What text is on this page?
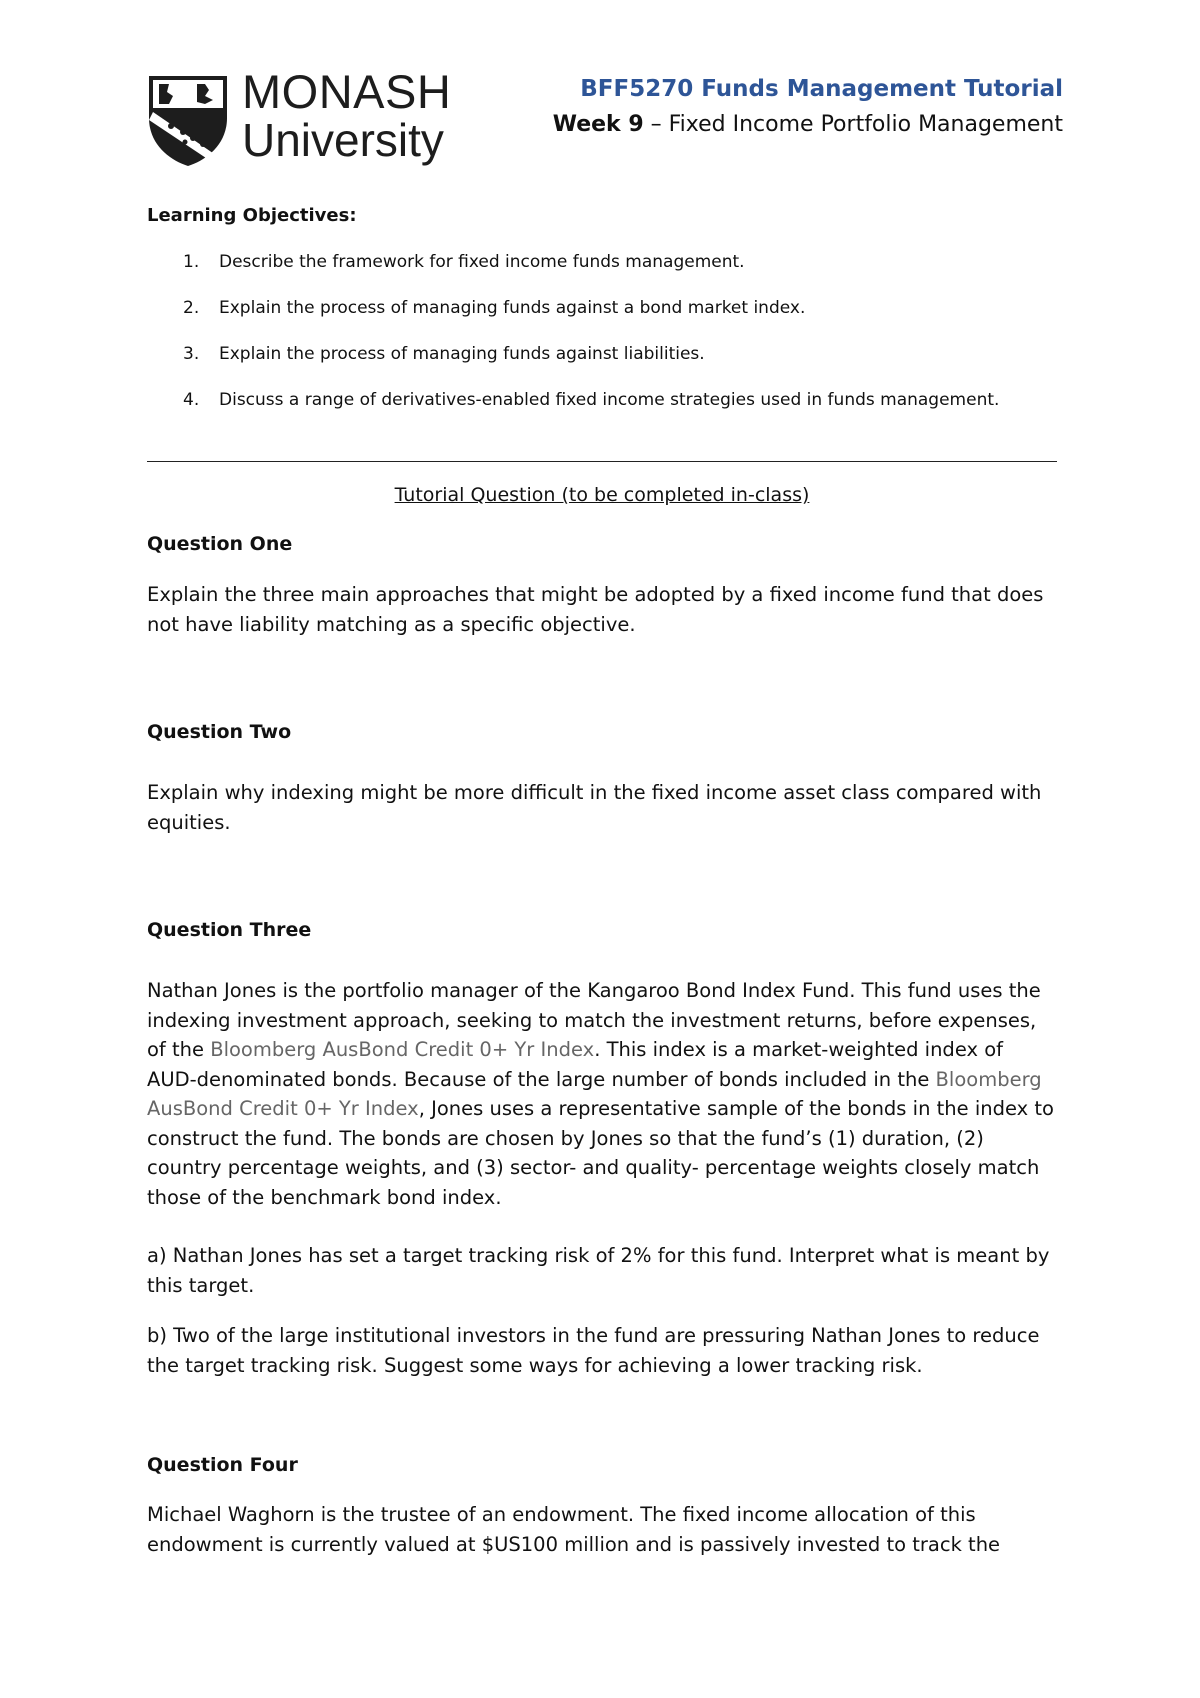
MONASH
University
BFF5270 Funds Management Tutorial
Week 9 – Fixed Income Portfolio Management
Learning Objectives:
1. Describe the framework for fixed income funds management.
2. Explain the process of managing funds against a bond market index.
3. Explain the process of managing funds against liabilities.
4. Discuss a range of derivatives-enabled fixed income strategies used in funds management.
Tutorial Question (to be completed in-class)
Question One

Explain the three main approaches that might be adopted by a fixed income fund that does not have liability matching as a specific objective.

Question Two

Explain why indexing might be more difficult in the fixed income asset class compared with equities.

Question Three

Nathan Jones is the portfolio manager of the Kangaroo Bond Index Fund. This fund uses the indexing investment approach, seeking to match the investment returns, before expenses, of the Bloomberg AusBond Credit 0+ Yr Index. This index is a market-weighted index of AUD-denominated bonds. Because of the large number of bonds included in the Bloomberg AusBond Credit 0+ Yr Index, Jones uses a representative sample of the bonds in the index to construct the fund. The bonds are chosen by Jones so that the fund’s (1) duration, (2) country percentage weights, and (3) sector- and quality- percentage weights closely match those of the benchmark bond index.

a) Nathan Jones has set a target tracking risk of 2% for this fund. Interpret what is meant by this target.

b) Two of the large institutional investors in the fund are pressuring Nathan Jones to reduce the target tracking risk. Suggest some ways for achieving a lower tracking risk.

Question Four

Michael Waghorn is the trustee of an endowment. The fixed income allocation of this endowment is currently valued at $US100 million and is passively invested to track the
